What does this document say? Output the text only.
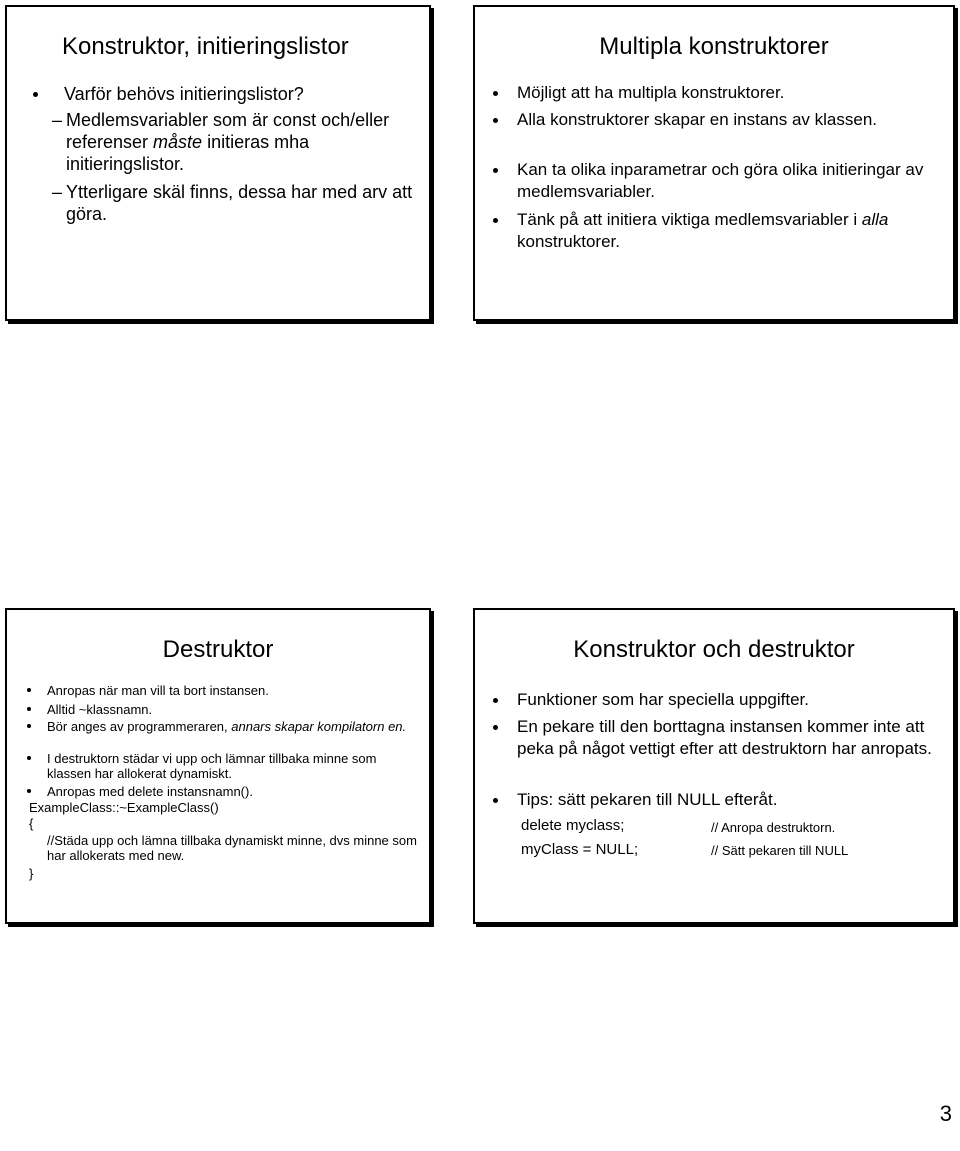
Konstruktor, initieringslistor
Varför behövs initieringslistor?
– Medlemsvariabler som är const och/eller referenser måste initieras mha initieringslistor.
– Ytterligare skäl finns, dessa har med arv att göra.
Multipla konstruktorer
Möjligt att ha multipla konstruktorer.
Alla konstruktorer skapar en instans av klassen.
Kan ta olika inparametrar och göra olika initieringar av medlemsvariabler.
Tänk på att initiera viktiga medlemsvariabler i alla konstruktorer.
Destruktor
Anropas när man vill ta bort instansen.
Alltid ~klassnamn.
Bör anges av programmeraren, annars skapar kompilatorn en.
I destruktorn städar vi upp och lämnar tillbaka minne som klassen har allokerat dynamiskt.
Anropas med delete instansnamn().
ExampleClass::~ExampleClass()
{
//Städa upp och lämna tillbaka dynamiskt minne, dvs minne som har allokerats med new.
}
Konstruktor och destruktor
Funktioner som har speciella uppgifter.
En pekare till den borttagna instansen kommer inte att peka på något vettigt efter att destruktorn har anropats.
Tips: sätt pekaren till NULL efteråt.
delete myclass;	// Anropa destruktorn.
myClass = NULL;	// Sätt pekaren till NULL
3
